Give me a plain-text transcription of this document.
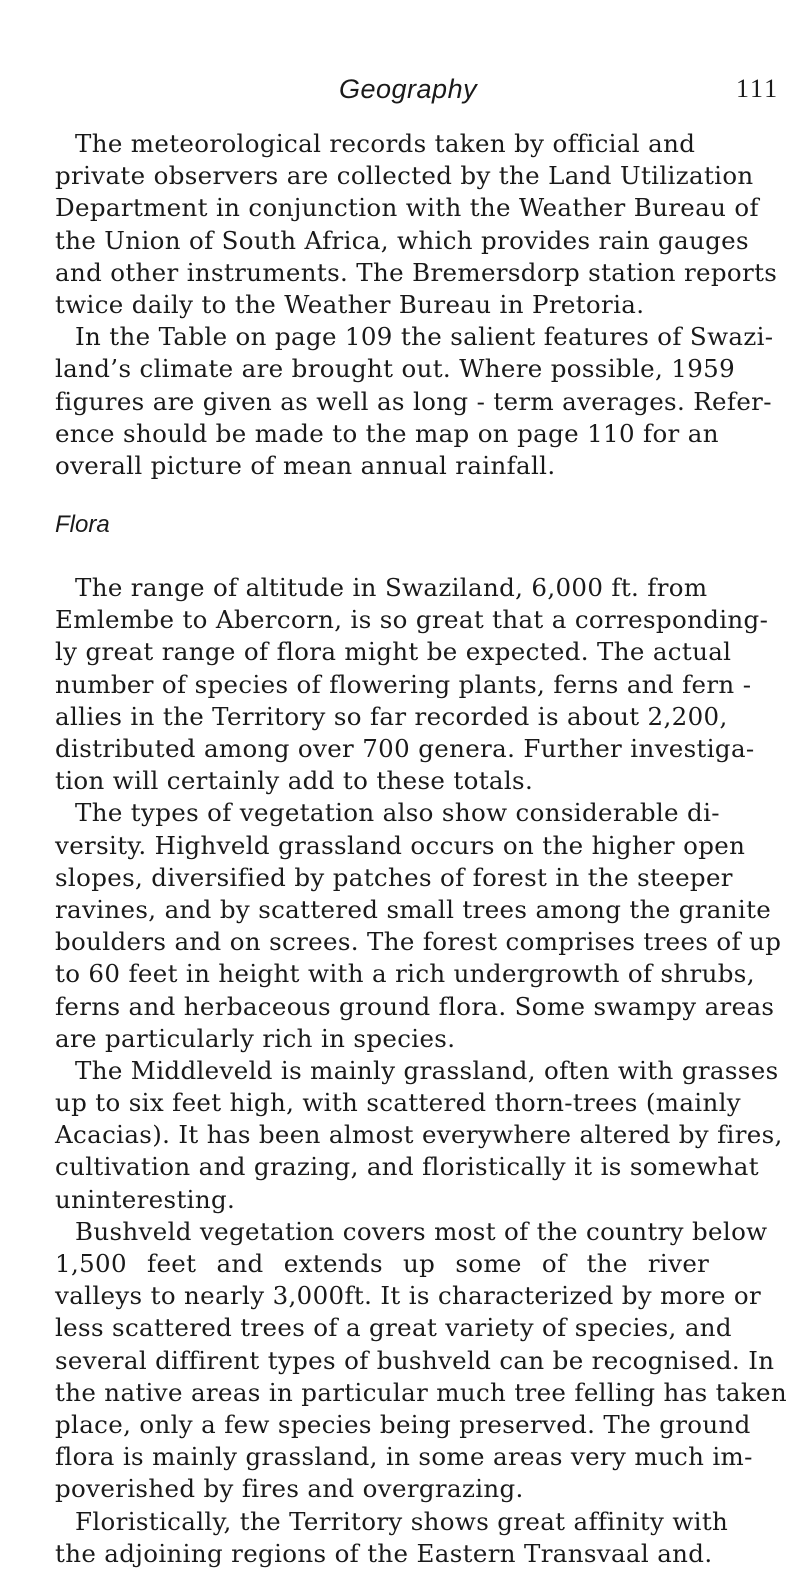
Geography	111
The meteorological records taken by official and
private observers are collected by the Land Utilization
Department in conjunction with the Weather Bureau of
the Union of South Africa, which provides rain gauges
and other instruments. The Bremersdorp station reports
twice daily to the Weather Bureau in Pretoria.
In the Table on page 109 the salient features of Swazi-
land’s climate are brought out. Where possible, 1959
figures are given as well as long - term averages. Refer-
ence should be made to the map on page 110 for an
overall picture of mean annual rainfall.
Flora
The range of altitude in Swaziland, 6,000 ft. from
Emlembe to Abercorn, is so great that a corresponding-
ly great range of flora might be expected. The actual
number of species of flowering plants, ferns and fern -
allies in the Territory so far recorded is about 2,200,
distributed among over 700 genera. Further investiga-
tion will certainly add to these totals.
The types of vegetation also show considerable di-
versity. Highveld grassland occurs on the higher open
slopes, diversified by patches of forest in the steeper
ravines, and by scattered small trees among the granite
boulders and on screes. The forest comprises trees of up
to 60 feet in height with a rich undergrowth of shrubs,
ferns and herbaceous ground flora. Some swampy areas
are particularly rich in species.
The Middleveld is mainly grassland, often with grasses
up to six feet high, with scattered thorn-trees (mainly
Acacias). It has been almost everywhere altered by fires,
cultivation and grazing, and floristically it is somewhat
uninteresting.
Bushveld vegetation covers most of the country below
1,500 feet and extends up some of the river
valleys to nearly 3,000ft. It is characterized by more or
less scattered trees of a great variety of species, and
several diffirent types of bushveld can be recognised. In
the native areas in particular much tree felling has taken
place, only a few species being preserved. The ground
flora is mainly grassland, in some areas very much im-
poverished by fires and overgrazing.
Floristically, the Territory shows great affinity with
the adjoining regions of the Eastern Transvaal and.
